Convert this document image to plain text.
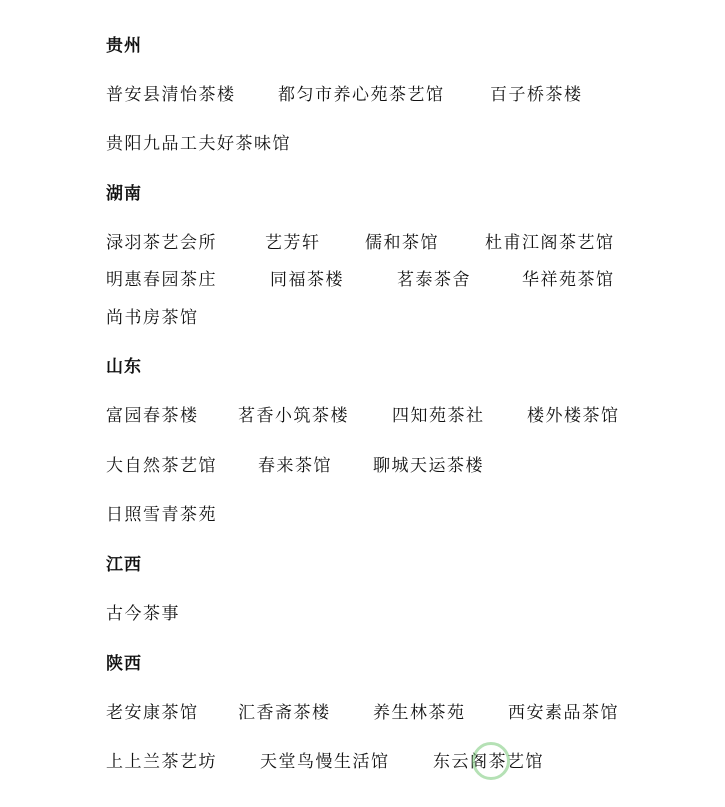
贵州
普安县清怡茶楼	都匀市养心苑茶艺馆	百子桥茶楼
贵阳九品工夫好茶味馆
湖南
渌羽茶艺会所	艺芳轩	儒和茶馆	杜甫江阁茶艺馆
明惠春园茶庄	同福茶楼	茗泰茶舍	华祥苑茶馆
尚书房茶馆
山东
富园春茶楼 茗香小筑茶楼	四知苑茶社	楼外楼茶馆
大自然茶艺馆 春来茶馆 聊城天运茶楼
日照雪青茶苑
江西
古今茶事
陕西
老安康茶馆 汇香斋茶楼	养生林茶苑	西安素品茶馆
上上兰茶艺坊	天堂鸟慢生活馆	东云阁茶艺馆
